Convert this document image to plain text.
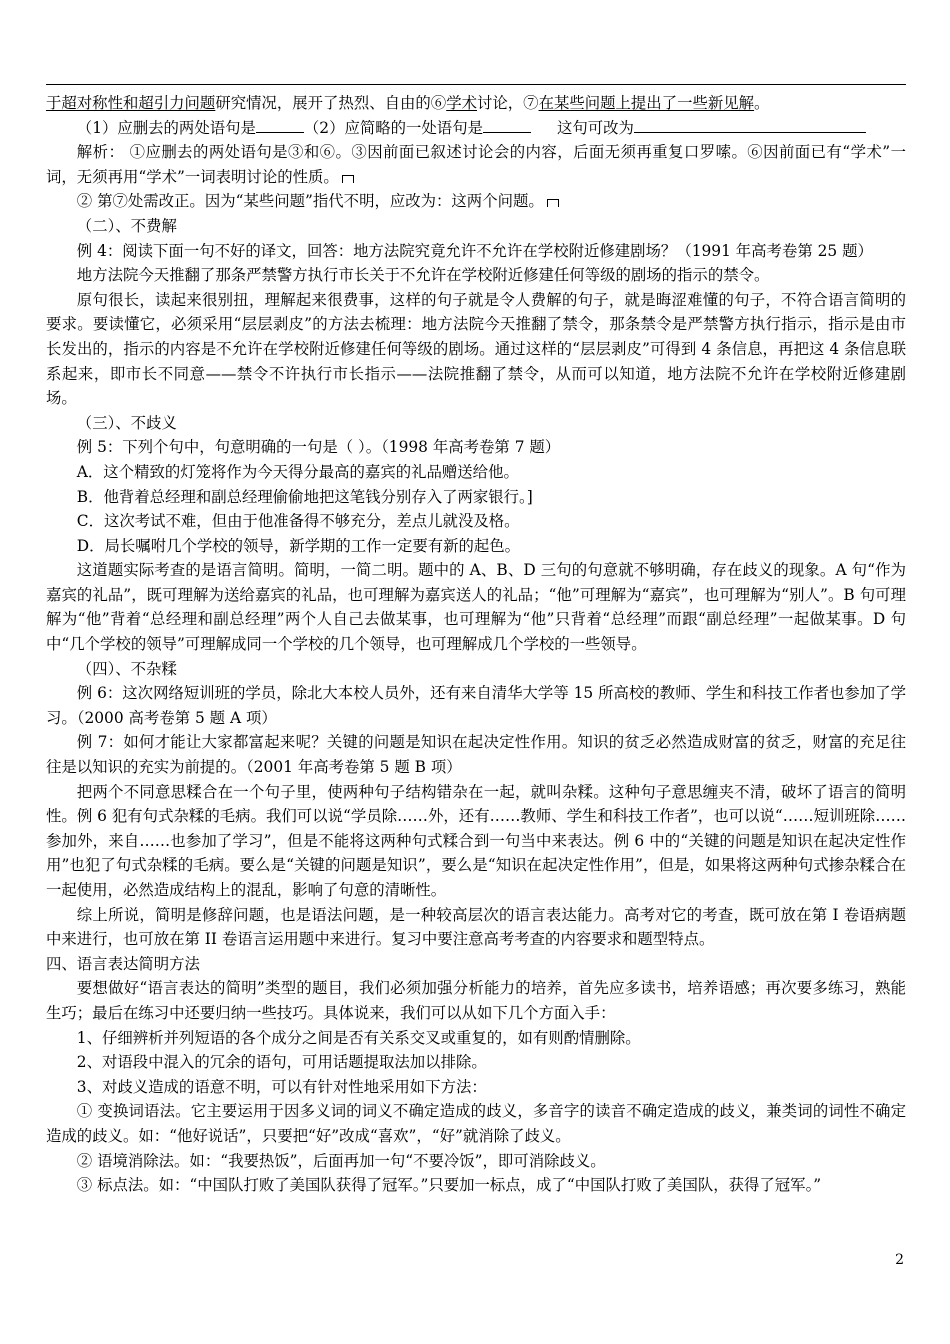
于超对称性和超引力问题研究情况，展开了热烈、自由的⑥学术讨论，⑦在某些问题上提出了一些新见解。

（1）应删去的两处语句是	（2）应简略的一处语句是	这句可改为

解析： ①应删去的两处语句是③和⑥。③因前面已叙述讨论会的内容，后面无须再重复口罗嗦。⑥因前面已有“学术”一词，无须再用“学术”一词表明讨论的性质。

② 第⑦处需改正。因为“某些问题”指代不明，应改为：这两个问题。

（二）、不费解

例 4：阅读下面一句不好的译文，回答：地方法院究竟允许不允许在学校附近修建剧场？（1991 年高考卷第 25 题）

地方法院今天推翻了那条严禁警方执行市长关于不允许在学校附近修建任何等级的剧场的指示的禁令。

原句很长，读起来很别扭，理解起来很费事，这样的句子就是令人费解的句子，就是晦涩难懂的句子，不符合语言简明的要求。要读懂它，必须采用“层层剥皮”的方法去梳理：地方法院今天推翻了禁令，那条禁令是严禁警方执行指示，指示是由市长发出的，指示的内容是不允许在学校附近修建任何等级的剧场。通过这样的“层层剥皮”可得到 4 条信息，再把这 4 条信息联系起来，即市长不同意——禁令不许执行市长指示——法院推翻了禁令，从而可以知道，地方法院不允许在学校附近修建剧场。

（三）、不歧义

例 5：下列个句中，句意明确的一句是（ ）。（1998 年高考卷第 7 题）

A．这个精致的灯笼将作为今天得分最高的嘉宾的礼品赠送给他。

B．他背着总经理和副总经理偷偷地把这笔钱分别存入了两家银行。]

C．这次考试不难，但由于他准备得不够充分，差点儿就没及格。

D．局长嘱咐几个学校的领导，新学期的工作一定要有新的起色。

这道题实际考查的是语言简明。简明，一简二明。题中的 A、B、D 三句的句意就不够明确，存在歧义的现象。A 句“作为嘉宾的礼品”，既可理解为送给嘉宾的礼品，也可理解为嘉宾送人的礼品；“他”可理解为“嘉宾”，也可理解为“别人”。B 句可理解为“他”背着“总经理和副总经理”两个人自己去做某事，也可理解为“他”只背着“总经理”而跟“副总经理”一起做某事。D 句中“几个学校的领导”可理解成同一个学校的几个领导，也可理解成几个学校的一些领导。

（四）、不杂糅

例 6：这次网络短训班的学员，除北大本校人员外，还有来自清华大学等 15 所高校的教师、学生和科技工作者也参加了学习。（2000 高考卷第 5 题 A 项）

例 7：如何才能让大家都富起来呢？关键的问题是知识在起决定性作用。知识的贫乏必然造成财富的贫乏，财富的充足往往是以知识的充实为前提的。（2001 年高考卷第 5 题 B 项）

把两个不同意思糅合在一个句子里，使两种句子结构错杂在一起，就叫杂糅。这种句子意思缠夹不清，破坏了语言的简明性。例 6 犯有句式杂糅的毛病。我们可以说“学员除……外，还有……教师、学生和科技工作者”，也可以说“……短训班除……参加外，来自……也参加了学习”，但是不能将这两种句式糅合到一句当中来表达。例 6 中的“关键的问题是知识在起决定性作用”也犯了句式杂糅的毛病。要么是“关键的问题是知识”，要么是“知识在起决定性作用”，但是，如果将这两种句式掺杂糅合在一起使用，必然造成结构上的混乱，影响了句意的清晰性。

综上所说，简明是修辞问题，也是语法问题，是一种较高层次的语言表达能力。高考对它的考查，既可放在第 I 卷语病题中来进行，也可放在第 II 卷语言运用题中来进行。复习中要注意高考考查的内容要求和题型特点。

四、语言表达简明方法

要想做好“语言表达的简明”类型的题目，我们必须加强分析能力的培养，首先应多读书，培养语感；再次要多练习，熟能生巧；最后在练习中还要归纳一些技巧。具体说来，我们可以从如下几个方面入手：

1、仔细辨析并列短语的各个成分之间是否有关系交叉或重复的，如有则酌情删除。

2、对语段中混入的冗余的语句，可用话题提取法加以排除。

3、对歧义造成的语意不明，可以有针对性地采用如下方法：

① 变换词语法。它主要运用于因多义词的词义不确定造成的歧义，多音字的读音不确定造成的歧义，兼类词的词性不确定造成的歧义。如：“他好说话”，只要把“好”改成“喜欢”，“好”就消除了歧义。

② 语境消除法。如：“我要热饭”，后面再加一句“不要冷饭”，即可消除歧义。

③ 标点法。如：“中国队打败了美国队获得了冠军。”只要加一标点，成了“中国队打败了美国队，获得了冠军。”

2
